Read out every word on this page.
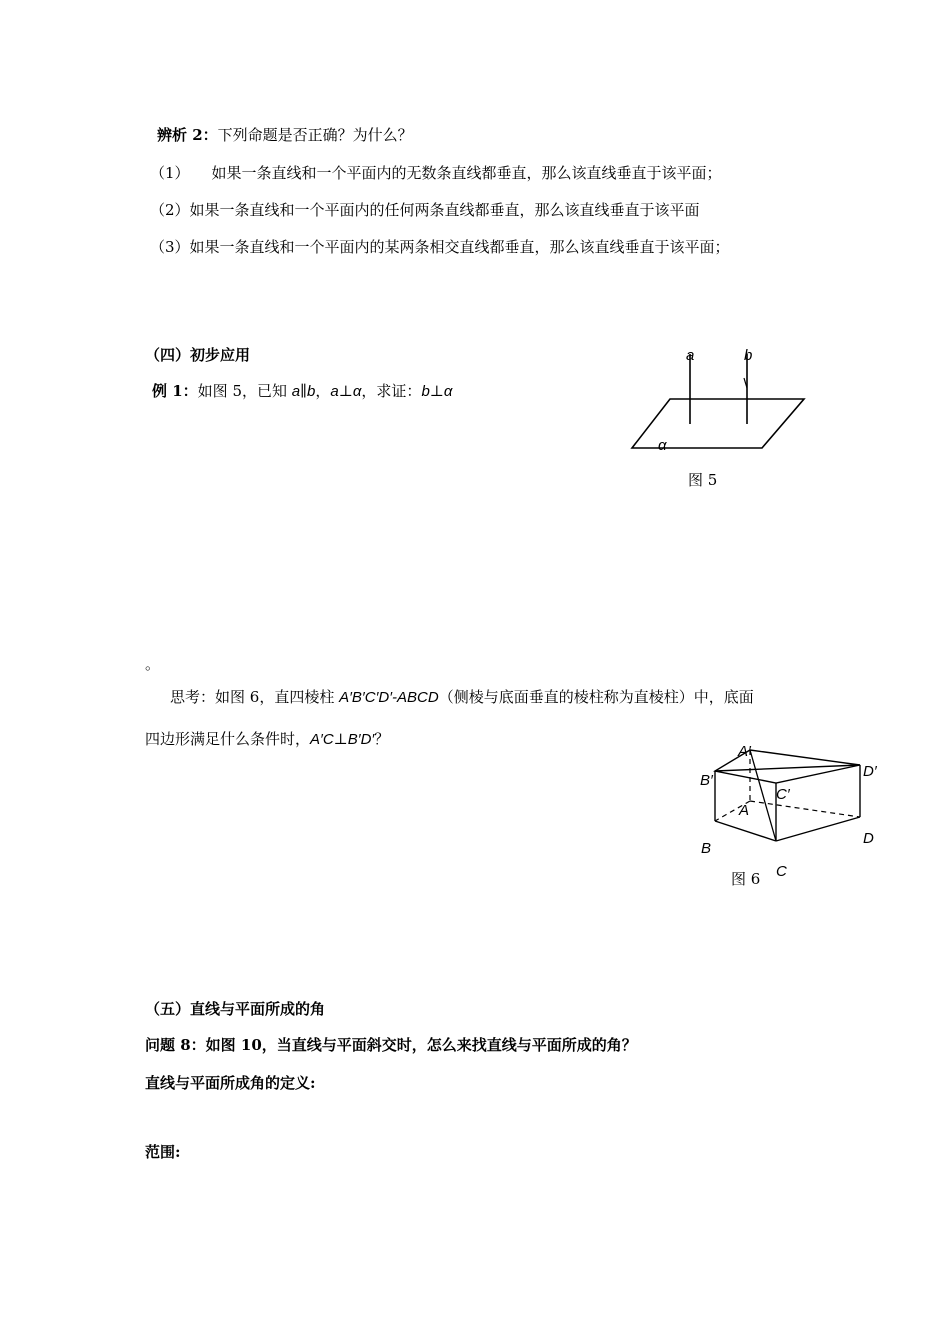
辨析 2：下列命题是否正确？为什么？
（1） 如果一条直线和一个平面内的无数条直线都垂直，那么该直线垂直于该平面；
（2）如果一条直线和一个平面内的任何两条直线都垂直，那么该直线垂直于该平面
（3）如果一条直线和一个平面内的某两条相交直线都垂直，那么该直线垂直于该平面；
（四）初步应用
例 1：如图 5，已知 a∥b，a⊥α，求证：b⊥α
a	b
α
图 5
。
思考：如图 6，直四棱柱 A′B′C′D′-ABCD（侧棱与底面垂直的棱柱称为直棱柱）中，底面
四边形满足什么条件时，A′C⊥B′D′？
A′
B′
C′
D′
A
B
C
D
图 6
（五）直线与平面所成的角
问题 8：如图 10，当直线与平面斜交时，怎么来找直线与平面所成的角？
直线与平面所成角的定义:
范围:
